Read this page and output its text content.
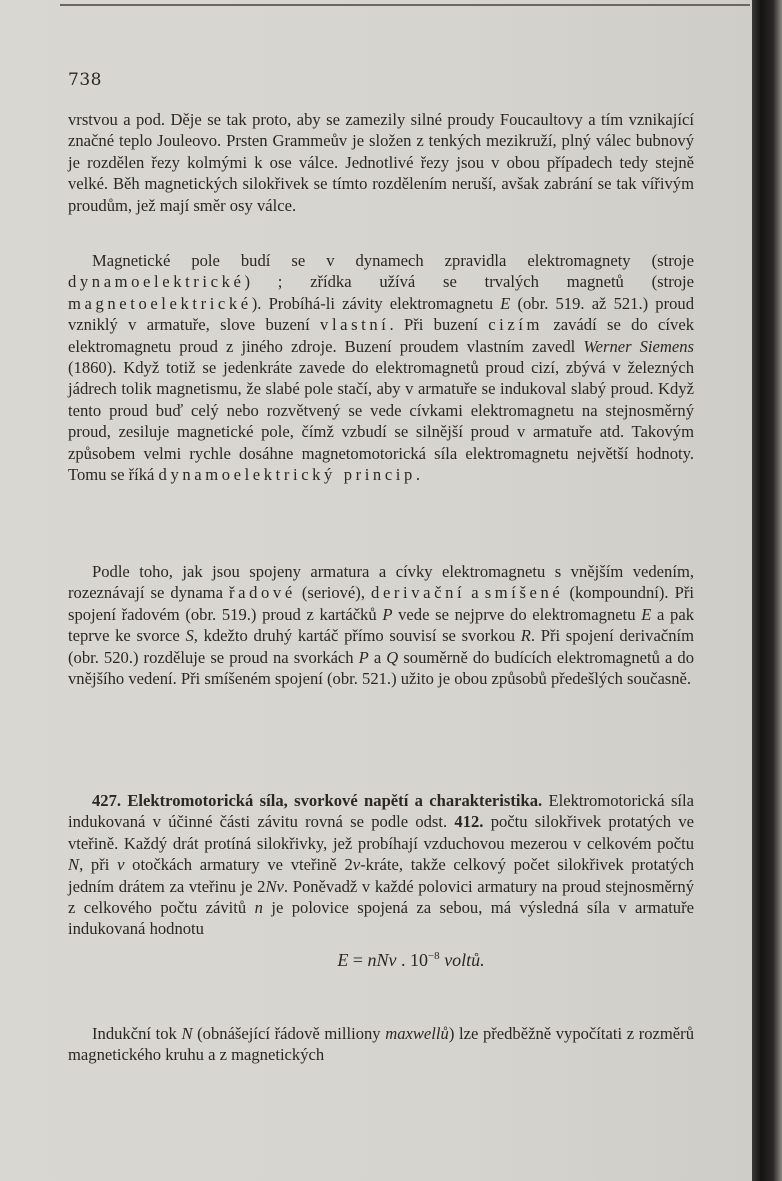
738

vrstvou a pod. Děje se tak proto, aby se zamezily silné proudy Foucaultovy a tím vznikající značné teplo Jouleovo. Prsten Grammeův je složen z tenkých mezikruží, plný válec bubnový je rozdělen řezy kolmými k ose válce. Jednotlivé řezy jsou v obou případech tedy stejně velké. Běh magnetických silokřivek se tímto rozdělením neruší, avšak zabrání se tak vířivým proudům, jež mají směr osy válce.

Magnetické pole budí se v dynamech zpravidla elektromagnety (stroje dynamoelektrické) ; zřídka užívá se trvalých magnetů (stroje magnetoelektrické). Probíhá-li závity elektromagnetu E (obr. 519. až 521.) proud vzniklý v armatuře, slove buzení vlastní. Při buzení cizím zavádí se do cívek elektromagnetu proud z jiného zdroje. Buzení proudem vlastním zavedl Werner Siemens (1860). Když totiž se jedenkráte zavede do elektromagnetů proud cizí, zbývá v železných jádrech tolik magnetismu, že slabé pole stačí, aby v armatuře se indukoval slabý proud. Když tento proud buď celý nebo rozvětvený se vede cívkami elektromagnetu na stejnosměrný proud, zesiluje magnetické pole, čímž vzbudí se silnější proud v armatuře atd. Takovým způsobem velmi rychle dosáhne magnetomotorická síla elektromagnetu největší hodnoty. Tomu se říká dynamoelektrický princip.

Podle toho, jak jsou spojeny armatura a cívky elektromagnetu s vnějším vedením, rozeznávají se dynama řadové (seriové), derivační a smíšené (kompoundní). Při spojení řadovém (obr. 519.) proud z kartáčků P vede se nejprve do elektromagnetu E a pak teprve ke svorce S, kdežto druhý kartáč přímo souvisí se svorkou R. Při spojení derivačním (obr. 520.) rozděluje se proud na svorkách P a Q souměrně do budících elektromagnetů a do vnějšího vedení. Při smíšeném spojení (obr. 521.) užito je obou způsobů předešlých současně.

427. Elektromotorická síla, svorkové napětí a charakteristika. Elektromotorická síla indukovaná v účinné části závitu rovná se podle odst. 412. počtu silokřivek protatých ve vteřině. Každý drát protíná silokřivky, jež probíhají vzduchovou mezerou v celkovém počtu N, při ν otočkách armatury ve vteřině 2ν-kráte, takže celkový počet silokřivek protatých jedním drátem za vteřinu je 2Nν. Poněvadž v každé polovici armatury na proud stejnosměrný z celkového počtu závitů n je polovice spojená za sebou, má výsledná síla v armatuře indukovaná hodnotu

E = nNν . $10^{-8}$ voltů.

Indukční tok N (obnášející řádově milliony maxwellů) lze předběžně vypočítati z rozměrů magnetického kruhu a z magnetických
